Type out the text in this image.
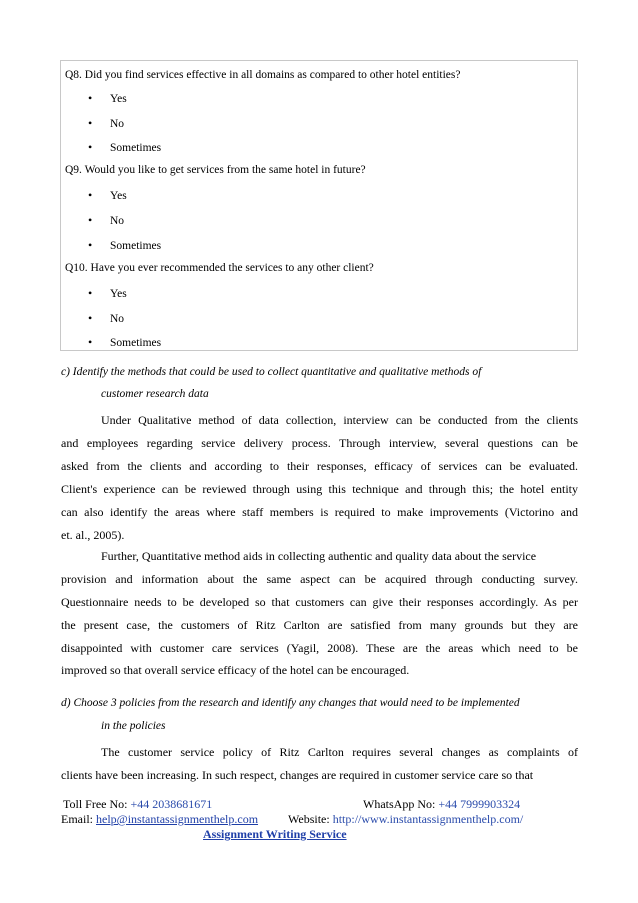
Q8. Did you find services effective in all domains as compared to other hotel entities?
• Yes
• No
• Sometimes
Q9. Would you like to get services from the same hotel in future?
• Yes
• No
• Sometimes
Q10. Have you ever recommended the services to any other client?
• Yes
• No
• Sometimes
c) Identify the methods that could be used to collect quantitative and qualitative methods of
customer research data
Under Qualitative method of data collection, interview can be conducted from the clients
and employees regarding service delivery process. Through interview, several questions can be
asked from the clients and according to their responses, efficacy of services can be evaluated.
Client's experience can be reviewed through using this technique and through this; the hotel entity
can also identify the areas where staff members is required to make improvements (Victorino and
et. al., 2005).
Further, Quantitative method aids in collecting authentic and quality data about the service
provision and information about the same aspect can be acquired through conducting survey.
Questionnaire needs to be developed so that customers can give their responses accordingly. As per
the present case, the customers of Ritz Carlton are satisfied from many grounds but they are
disappointed with customer care services (Yagil, 2008). These are the areas which need to be
improved so that overall service efficacy of the hotel can be encouraged.
d) Choose 3 policies from the research and identify any changes that would need to be implemented
in the policies
The customer service policy of Ritz Carlton requires several changes as complaints of
clients have been increasing. In such respect, changes are required in customer service care so that
Toll Free No: +44 2038681671	WhatsApp No: +44 7999903324
Email: help@instantassignmenthelp.com Website: http://www.instantassignmenthelp.com/
Assignment Writing Service
